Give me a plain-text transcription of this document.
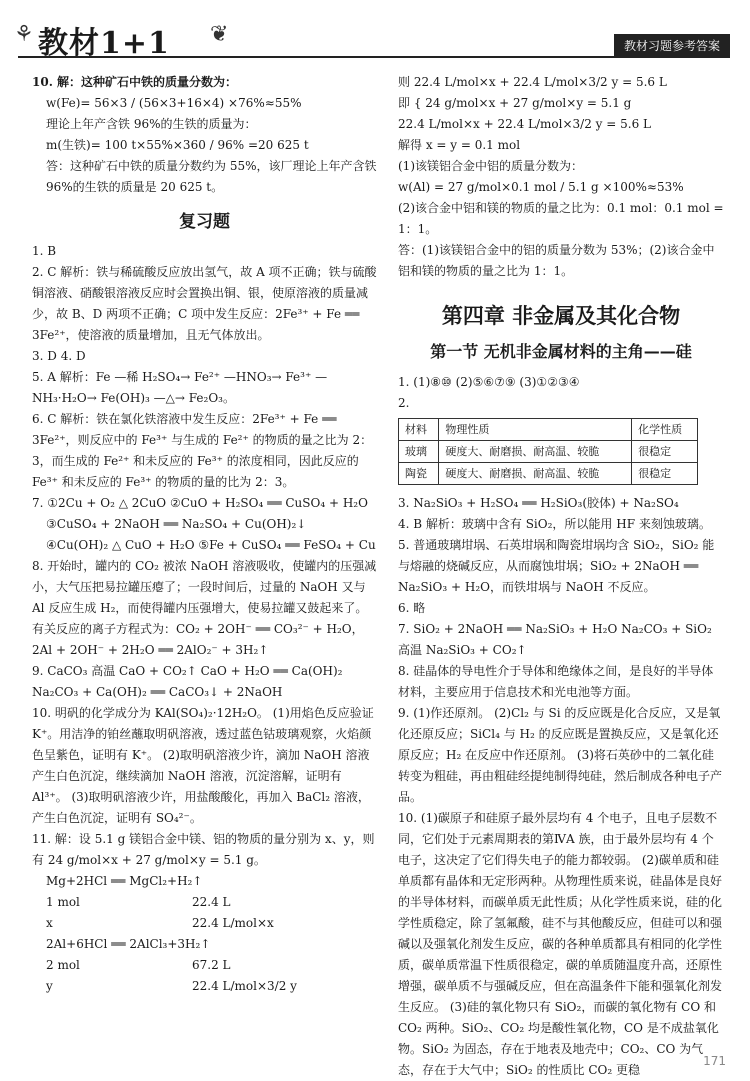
⚘ 教材1+1 ❦	教材习题参考答案

10. 解：这种矿石中铁的质量分数为：

w(Fe)= 56×3 / (56×3+16×4) ×76%≈55%

理论上年产含铁 96%的生铁的质量为：

m(生铁)= 100 t×55%×360 / 96% =20 625 t

答：这种矿石中铁的质量分数约为 55%，该厂理论上年产含铁

96%的生铁的质量是 20 625 t。

复习题

1. B

2. C 解析：铁与稀硫酸反应放出氢气，故 A 项不正确；铁与硫酸铜溶液、硝酸银溶液反应时会置换出铜、银，使原溶液的质量减少，故 B、D 两项不正确；C 项中发生反应：2Fe³⁺ + Fe ══ 3Fe²⁺，使溶液的质量增加，且无气体放出。

3. D 4. D

5. A 解析：Fe —稀 H₂SO₄→ Fe²⁺ —HNO₃→ Fe³⁺ —NH₃·H₂O→ Fe(OH)₃ —△→ Fe₂O₃。

6. C 解析：铁在氯化铁溶液中发生反应：2Fe³⁺ + Fe ══ 3Fe²⁺，则反应中的 Fe³⁺ 与生成的 Fe²⁺ 的物质的量之比为 2：3，而生成的 Fe²⁺ 和未反应的 Fe³⁺ 的浓度相同，因此反应的 Fe³⁺ 和未反应的 Fe³⁺ 的物质的量的比为 2：3。

7. ①2Cu + O₂ △ 2CuO ②CuO + H₂SO₄ ══ CuSO₄ + H₂O

③CuSO₄ + 2NaOH ══ Na₂SO₄ + Cu(OH)₂↓

④Cu(OH)₂ △ CuO + H₂O ⑤Fe + CuSO₄ ══ FeSO₄ + Cu

8. 开始时，罐内的 CO₂ 被浓 NaOH 溶液吸收，使罐内的压强减小，大气压把易拉罐压瘪了；一段时间后，过量的 NaOH 又与 Al 反应生成 H₂，而使得罐内压强增大，使易拉罐又鼓起来了。有关反应的离子方程式为：CO₂ + 2OH⁻ ══ CO₃²⁻ + H₂O，2Al + 2OH⁻ + 2H₂O ══ 2AlO₂⁻ + 3H₂↑

9. CaCO₃ 高温 CaO + CO₂↑ CaO + H₂O ══ Ca(OH)₂ Na₂CO₃ + Ca(OH)₂ ══ CaCO₃↓ + 2NaOH

10. 明矾的化学成分为 KAl(SO₄)₂·12H₂O。 (1)用焰色反应验证 K⁺。用洁净的铂丝蘸取明矾溶液，透过蓝色钴玻璃观察，火焰颜色呈紫色，证明有 K⁺。 (2)取明矾溶液少许，滴加 NaOH 溶液产生白色沉淀，继续滴加 NaOH 溶液，沉淀溶解，证明有 Al³⁺。 (3)取明矾溶液少许，用盐酸酸化，再加入 BaCl₂ 溶液，产生白色沉淀，证明有 SO₄²⁻。

11. 解：设 5.1 g 镁铝合金中镁、铝的物质的量分别为 x、y，则有 24 g/mol×x + 27 g/mol×y = 5.1 g。

Mg+2HCl ══ MgCl₂+H₂↑
1 mol	22.4 L
x	22.4 L/mol×x
2Al+6HCl ══ 2AlCl₃+3H₂↑
2 mol	67.2 L
y	22.4 L/mol×3/2 y

则 22.4 L/mol×x + 22.4 L/mol×3/2 y = 5.6 L

即 { 24 g/mol×x + 27 g/mol×y = 5.1 g

22.4 L/mol×x + 22.4 L/mol×3/2 y = 5.6 L

解得 x = y = 0.1 mol

(1)该镁铝合金中铝的质量分数为：

w(Al) = 27 g/mol×0.1 mol / 5.1 g ×100%≈53%

(2)该合金中铝和镁的物质的量之比为：0.1 mol：0.1 mol = 1：1。

答：(1)该镁铝合金中的铝的质量分数为 53%；(2)该合金中铝和镁的物质的量之比为 1：1。

第四章 非金属及其化合物
第一节 无机非金属材料的主角——硅

1. (1)⑧⑩ (2)⑤⑥⑦⑨ (3)①②③④

2.

材料	物理性质	化学性质
玻璃	硬度大、耐磨损、耐高温、较脆	很稳定
陶瓷	硬度大、耐磨损、耐高温、较脆	很稳定

3. Na₂SiO₃ + H₂SO₄ ══ H₂SiO₃(胶体) + Na₂SO₄

4. B 解析：玻璃中含有 SiO₂，所以能用 HF 来刻蚀玻璃。

5. 普通玻璃坩埚、石英坩埚和陶瓷坩埚均含 SiO₂，SiO₂ 能与熔融的烧碱反应，从而腐蚀坩埚；SiO₂ + 2NaOH ══ Na₂SiO₃ + H₂O，而铁坩埚与 NaOH 不反应。

6. 略

7. SiO₂ + 2NaOH ══ Na₂SiO₃ + H₂O Na₂CO₃ + SiO₂ 高温 Na₂SiO₃ + CO₂↑

8. 硅晶体的导电性介于导体和绝缘体之间，是良好的半导体材料，主要应用于信息技术和光电池等方面。

9. (1)作还原剂。 (2)Cl₂ 与 Si 的反应既是化合反应，又是氧化还原反应；SiCl₄ 与 H₂ 的反应既是置换反应，又是氧化还原反应；H₂ 在反应中作还原剂。 (3)将石英砂中的二氧化硅转变为粗硅，再由粗硅经提纯制得纯硅，然后制成各种电子产品。

10. (1)碳原子和硅原子最外层均有 4 个电子，且电子层数不同，它们处于元素周期表的第ⅣA 族，由于最外层均有 4 个电子，这决定了它们得失电子的能力都较弱。 (2)碳单质和硅单质都有晶体和无定形两种。从物理性质来说，硅晶体是良好的半导体材料，而碳单质无此性质；从化学性质来说，硅的化学性质稳定，除了氢氟酸，硅不与其他酸反应，但硅可以和强碱以及强氧化剂发生反应，碳的各种单质都具有相同的化学性质，碳单质常温下性质很稳定，碳的单质随温度升高，还原性增强，碳单质不与强碱反应，但在高温条件下能和强氧化剂发生反应。 (3)硅的氧化物只有 SiO₂，而碳的氧化物有 CO 和 CO₂ 两种。SiO₂、CO₂ 均是酸性氧化物，CO 是不成盐氧化物。SiO₂ 为固态，存在于地表及地壳中；CO₂、CO 为气态，存在于大气中；SiO₂ 的性质比 CO₂ 更稳

171
